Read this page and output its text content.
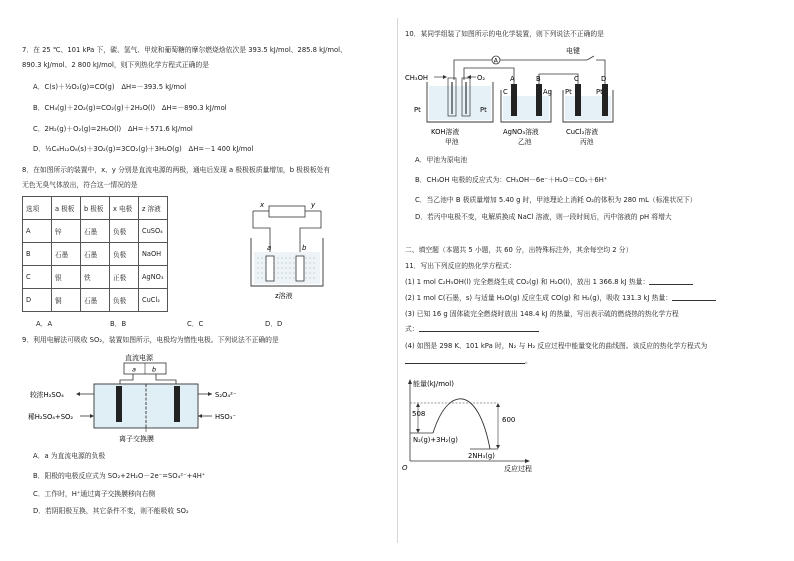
7．在 25 ℃、101 kPa 下，碳、氢气、甲烷和葡萄糖的摩尔燃烧焓依次是 393.5 kJ/mol、285.8 kJ/mol、
890.3 kJ/mol、2 800 kJ/mol，则下列热化学方程式正确的是
A．C(s)＋½O₂(g)=CO(g)　ΔH=－393.5 kJ/mol
B．CH₄(g)＋2O₂(g)=CO₂(g)＋2H₂O(l)　ΔH=－890.3 kJ/mol
C．2H₂(g)＋O₂(g)=2H₂O(l)　ΔH=＋571.6 kJ/mol
D．½C₆H₁₂O₆(s)＋3O₂(g)=3CO₂(g)＋3H₂O(g)　ΔH=－1 400 kJ/mol
8．在如图所示的装置中，x、y 分别是直流电源的两极，通电后发现 a 极极板质量增加，b 极极板处有
无色无臭气体放出，符合这一情况的是
选项	a 极板	b 极板	x 电极	z 溶液
A	锌	石墨	负极	CuSO₄
B	石墨	石墨	负极	NaOH
C	银	铁	正极	AgNO₃
D	铜	石墨	负极	CuCl₂
x	y
a	b
z溶液
A．A	B．B	C．C	D．D
9．利用电解法可吸收 SO₂，装置如图所示，电极均为惰性电极。下列说法不正确的是
直流电源
a b
较浓H₂SO₄
稀H₂SO₄+SO₂
S₂O₄²⁻
HSO₃⁻
离子交换膜
A．a 为直流电源的负极
B．阳极的电极反应式为 SO₂+2H₂O－2e⁻=SO₄²⁻+4H⁺
C．工作时，H⁺通过离子交换膜移向右侧
D．若阴阳极互换，其它条件不变，则不能吸收 SO₂
10．某同学组装了如图所示的电化学装置，则下列说法不正确的是
A
电键
CH₃OH	O₂
Pt	Pt
KOH溶液
甲池
A	B
C	Ag
AgNO₃溶液
乙池
C	D
Pt	Pt
CuCl₂溶液
丙池
A．甲池为原电池
B．CH₃OH 电极的反应式为：CH₃OH－6e⁻＋H₂O＝CO₂＋6H⁺
C．当乙池中 B 极质量增加 5.40 g 时，甲池理论上消耗 O₂的体积为 280 mL（标准状况下）
D．若丙中电极不变，电解质换成 NaCl 溶液，则一段时间后，丙中溶液的 pH 将增大
二、填空题（本题共 5 小题，共 60 分，出特殊标注外，其余每空均 2 分）
11．写出下列反应的热化学方程式：
(1) 1 mol C₂H₅OH(l) 完全燃烧生成 CO₂(g) 和 H₂O(l)，放出 1 366.8 kJ 热量：
(2) 1 mol C(石墨，s) 与适量 H₂O(g) 反应生成 CO(g) 和 H₂(g)，吸收 131.3 kJ 热量：
(3) 已知 16 g 固体硫完全燃烧时放出 148.4 kJ 的热量，写出表示硫的燃烧热的热化学方程
式：
(4) 如图是 298 K、101 kPa 时，N₂ 与 H₂ 反应过程中能量变化的曲线图。该反应的热化学方程式为
。
能量(kJ/mol)
反应过程
O
508
600
N₂(g)+3H₂(g)
2NH₃(g)
